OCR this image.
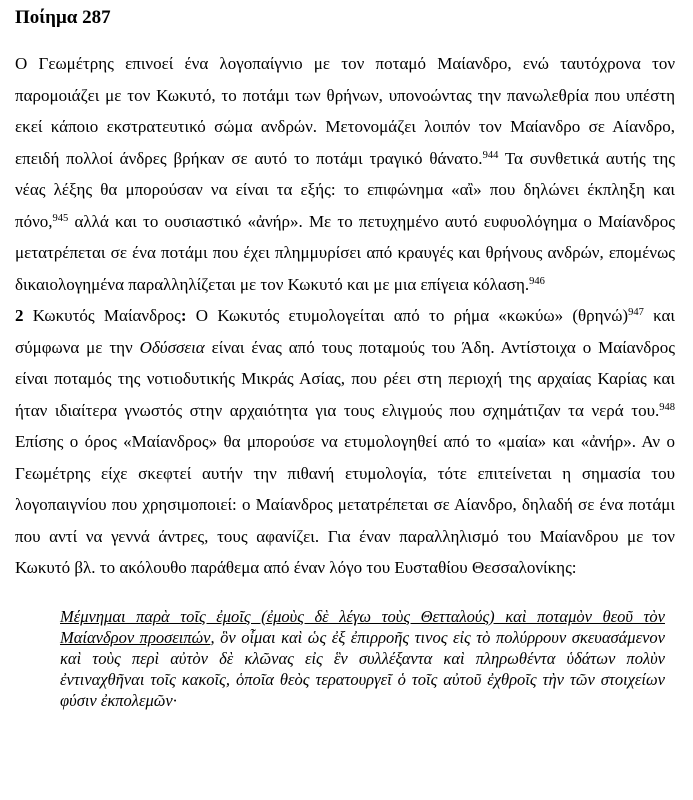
Ποίημα 287

Ο Γεωμέτρης επινοεί ένα λογοπαίγνιο με τον ποταμό Μαίανδρο, ενώ ταυτόχρονα τον παρομοιάζει με τον Κωκυτό, το ποτάμι των θρήνων, υπονοώντας την πανωλεθρία που υπέστη εκεί κάποιο εκστρατευτικό σώμα ανδρών. Μετονομάζει λοιπόν τον Μαίανδρο σε Αίανδρο, επειδή πολλοί άνδρες βρήκαν σε αυτό το ποτάμι τραγικό θάνατο.$^{944}$ Τα συνθετικά αυτής της νέας λέξης θα μπορούσαν να είναι τα εξής: το επιφώνημα «αἲ» που δηλώνει έκπληξη και πόνο,$^{945}$ αλλά και το ουσιαστικό «ἀνήρ». Με το πετυχημένο αυτό ευφυολόγημα ο Μαίανδρος μετατρέπεται σε ένα ποτάμι που έχει πλημμυρίσει από κραυγές και θρήνους ανδρών, επομένως δικαιολογημένα παραλληλίζεται με τον Κωκυτό και με μια επίγεια κόλαση.$^{946}$

2 Κωκυτός Μαίανδρος: Ο Κωκυτός ετυμολογείται από το ρήμα «κωκύω» $(\theta\rho\eta\nu ώ)^{947}$ και σύμφωνα με την Οδύσσεια είναι ένας από τους ποταμούς του Άδη. Αντίστοιχα ο Μαίανδρος είναι ποταμός της νοτιοδυτικής Μικράς Ασίας, που ρέει στη περιοχή της αρχαίας Καρίας και ήταν ιδιαίτερα γνωστός στην αρχαιότητα για τους ελιγμούς που σχημάτιζαν τα νερά του.$^{948}$ Επίσης ο όρος «Μαίανδρος» θα μπορούσε να ετυμολογηθεί από το «μαία» και «ἀνήρ». Αν ο Γεωμέτρης είχε σκεφτεί αυτήν την πιθανή ετυμολογία, τότε επιτείνεται η σημασία του λογοπαιγνίου που χρησιμοποιεί: ο Μαίανδρος μετατρέπεται σε Αίανδρο, δηλαδή σε ένα ποτάμι που αντί να γεννά άντρες, τους αφανίζει. Για έναν παραλληλισμό του Μαίανδρου με τον Κωκυτό βλ. το ακόλουθο παράθεμα από έναν λόγο του Ευσταθίου Θεσσαλονίκης:

Μέμνημαι παρὰ τοῖς ἐμοῖς (ἐμοὺς δὲ λέγω τοὺς Θετταλούς) καὶ ποταμὸν θεοῦ τὸν Μαίανδρον προσειπών, ὃν οἶμαι καὶ ὡς ἐξ ἐπιρροῆς τινος εἰς τὸ πολύρρουν σκευασάμενον καὶ τοὺς περὶ αὐτὸν δὲ κλῶνας εἰς ἓν συλλέξαντα καὶ πληρωθέντα ὑδάτων πολὺν ἐντιναχθῆναι τοῖς κακοῖς, ὁποῖα θεὸς τερατουργεῖ ὁ τοῖς αὐτοῦ ἐχθροῖς τὴν τῶν στοιχείων φύσιν ἐκπολεμῶν·
